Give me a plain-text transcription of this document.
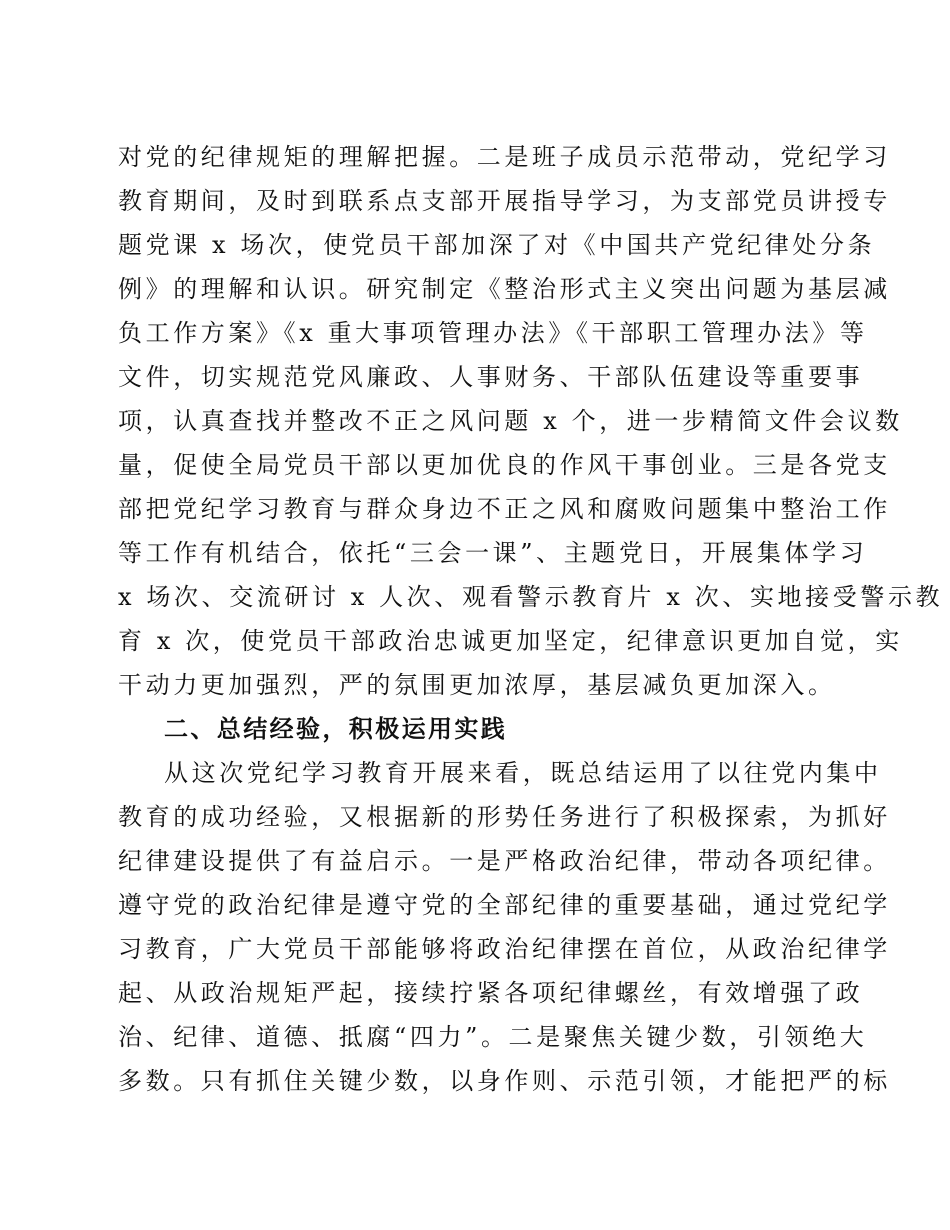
对党的纪律规矩的理解把握。二是班子成员示范带动，党纪学习
教育期间，及时到联系点支部开展指导学习，为支部党员讲授专
题党课 x 场次，使党员干部加深了对《中国共产党纪律处分条
例》的理解和认识。研究制定《整治形式主义突出问题为基层减
负工作方案》《x 重大事项管理办法》《干部职工管理办法》等
文件，切实规范党风廉政、人事财务、干部队伍建设等重要事
项，认真查找并整改不正之风问题 x 个，进一步精简文件会议数
量，促使全局党员干部以更加优良的作风干事创业。三是各党支
部把党纪学习教育与群众身边不正之风和腐败问题集中整治工作
等工作有机结合，依托“三会一课”、主题党日，开展集体学习
x 场次、交流研讨 x 人次、观看警示教育片 x 次、实地接受警示教
育 x 次，使党员干部政治忠诚更加坚定，纪律意识更加自觉，实
干动力更加强烈，严的氛围更加浓厚，基层减负更加深入。
二、总结经验，积极运用实践
从这次党纪学习教育开展来看，既总结运用了以往党内集中
教育的成功经验，又根据新的形势任务进行了积极探索，为抓好
纪律建设提供了有益启示。一是严格政治纪律，带动各项纪律。
遵守党的政治纪律是遵守党的全部纪律的重要基础，通过党纪学
习教育，广大党员干部能够将政治纪律摆在首位，从政治纪律学
起、从政治规矩严起，接续拧紧各项纪律螺丝，有效增强了政
治、纪律、道德、抵腐“四力”。二是聚焦关键少数，引领绝大
多数。只有抓住关键少数，以身作则、示范引领，才能把严的标
